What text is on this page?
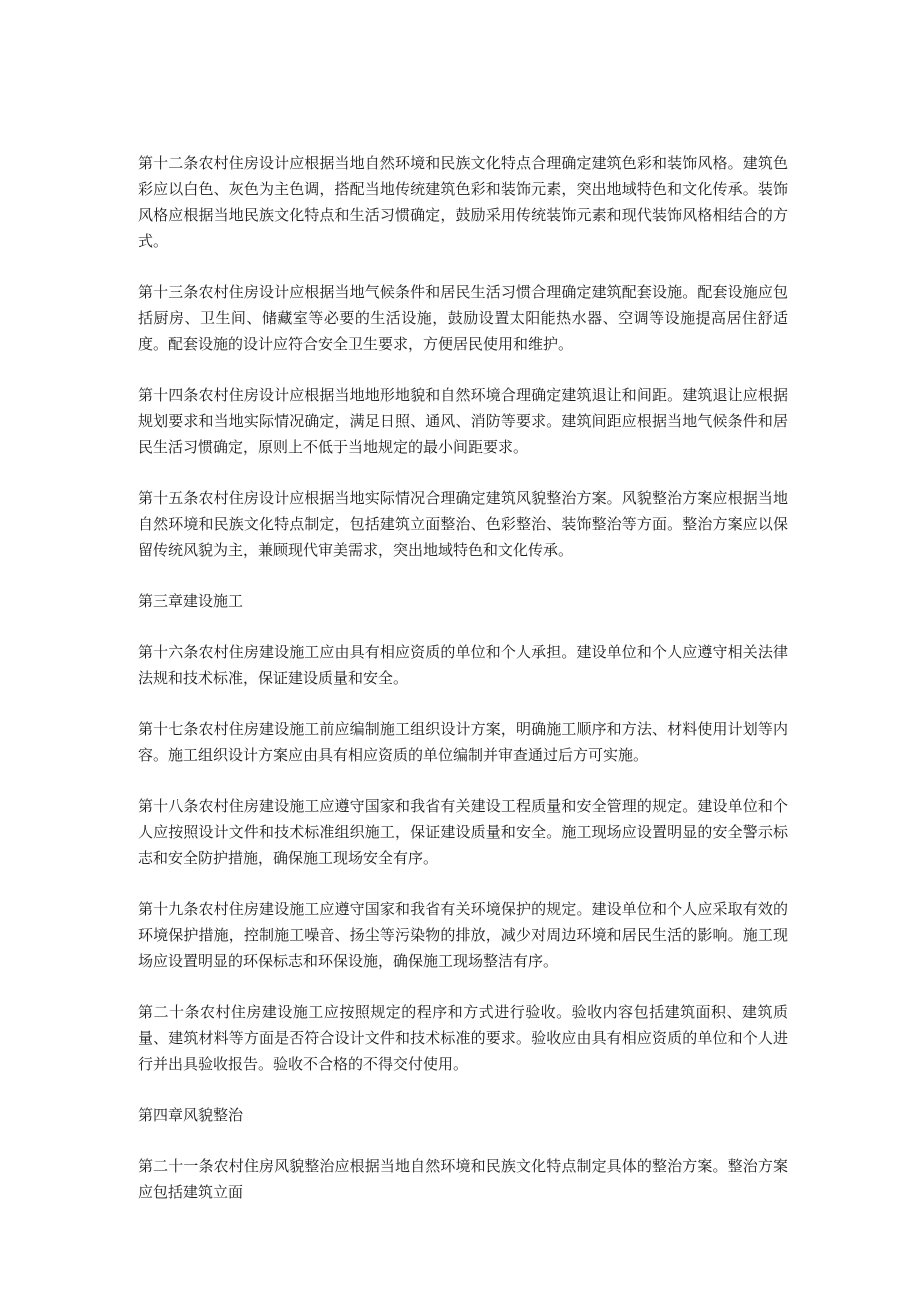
第十二条农村住房设计应根据当地自然环境和民族文化特点合理确定建筑色彩和装饰风格。建筑色彩应以白色、灰色为主色调，搭配当地传统建筑色彩和装饰元素，突出地域特色和文化传承。装饰风格应根据当地民族文化特点和生活习惯确定，鼓励采用传统装饰元素和现代装饰风格相结合的方式。

第十三条农村住房设计应根据当地气候条件和居民生活习惯合理确定建筑配套设施。配套设施应包括厨房、卫生间、储藏室等必要的生活设施，鼓励设置太阳能热水器、空调等设施提高居住舒适度。配套设施的设计应符合安全卫生要求，方便居民使用和维护。

第十四条农村住房设计应根据当地地形地貌和自然环境合理确定建筑退让和间距。建筑退让应根据规划要求和当地实际情况确定，满足日照、通风、消防等要求。建筑间距应根据当地气候条件和居民生活习惯确定，原则上不低于当地规定的最小间距要求。

第十五条农村住房设计应根据当地实际情况合理确定建筑风貌整治方案。风貌整治方案应根据当地自然环境和民族文化特点制定，包括建筑立面整治、色彩整治、装饰整治等方面。整治方案应以保留传统风貌为主，兼顾现代审美需求，突出地域特色和文化传承。

第三章建设施工

第十六条农村住房建设施工应由具有相应资质的单位和个人承担。建设单位和个人应遵守相关法律法规和技术标准，保证建设质量和安全。

第十七条农村住房建设施工前应编制施工组织设计方案，明确施工顺序和方法、材料使用计划等内容。施工组织设计方案应由具有相应资质的单位编制并审查通过后方可实施。

第十八条农村住房建设施工应遵守国家和我省有关建设工程质量和安全管理的规定。建设单位和个人应按照设计文件和技术标准组织施工，保证建设质量和安全。施工现场应设置明显的安全警示标志和安全防护措施，确保施工现场安全有序。

第十九条农村住房建设施工应遵守国家和我省有关环境保护的规定。建设单位和个人应采取有效的环境保护措施，控制施工噪音、扬尘等污染物的排放，减少对周边环境和居民生活的影响。施工现场应设置明显的环保标志和环保设施，确保施工现场整洁有序。

第二十条农村住房建设施工应按照规定的程序和方式进行验收。验收内容包括建筑面积、建筑质量、建筑材料等方面是否符合设计文件和技术标准的要求。验收应由具有相应资质的单位和个人进行并出具验收报告。验收不合格的不得交付使用。

第四章风貌整治

第二十一条农村住房风貌整治应根据当地自然环境和民族文化特点制定具体的整治方案。整治方案应包括建筑立面
